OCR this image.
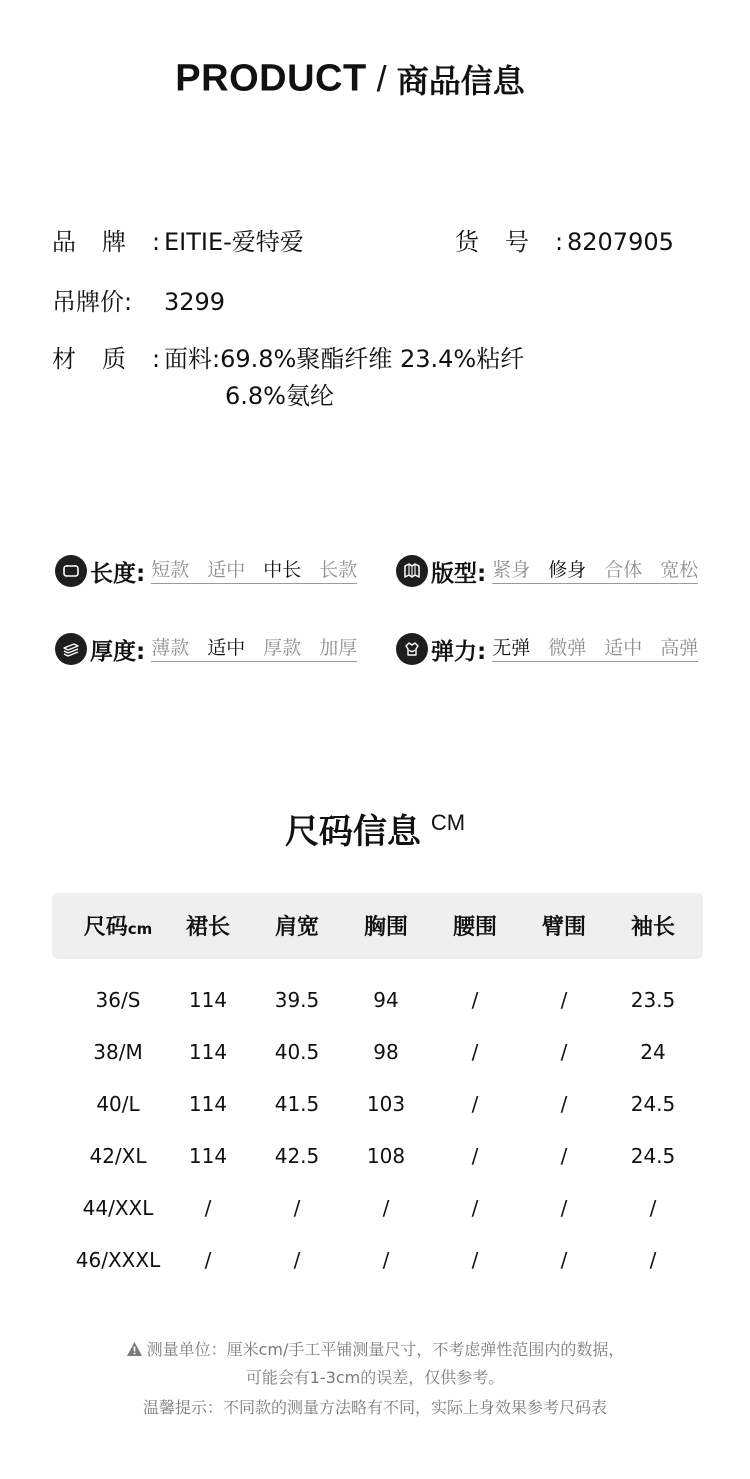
PRODUCT / 商品信息
品牌:EITIE-爱特爱	货号:8207905
吊牌价: 3299
材质:面料:69.8%聚酯纤维 23.4%粘纤
6.8%氨纶
长度: 短款 适中 中长 长款	版型: 紧身 修身 合体 宽松
厚度: 薄款 适中 厚款 加厚	弹力: 无弹 微弹 适中 高弹
尺码信息 CM
尺码cm	裙长	肩宽	胸围	腰围	臂围	袖长
36/S	114	39.5	94	/	/	23.5
38/M	114	40.5	98	/	/	24
40/L	114	41.5	103	/	/	24.5
42/XL	114	42.5	108	/	/	24.5
44/XXL	/	/	/	/	/	/
46/XXXL	/	/	/	/	/	/
测量单位：厘米cm/手工平铺测量尺寸，不考虑弹性范围内的数据，
可能会有1-3cm的误差，仅供参考。
温馨提示：不同款的测量方法略有不同，实际上身效果参考尺码表
